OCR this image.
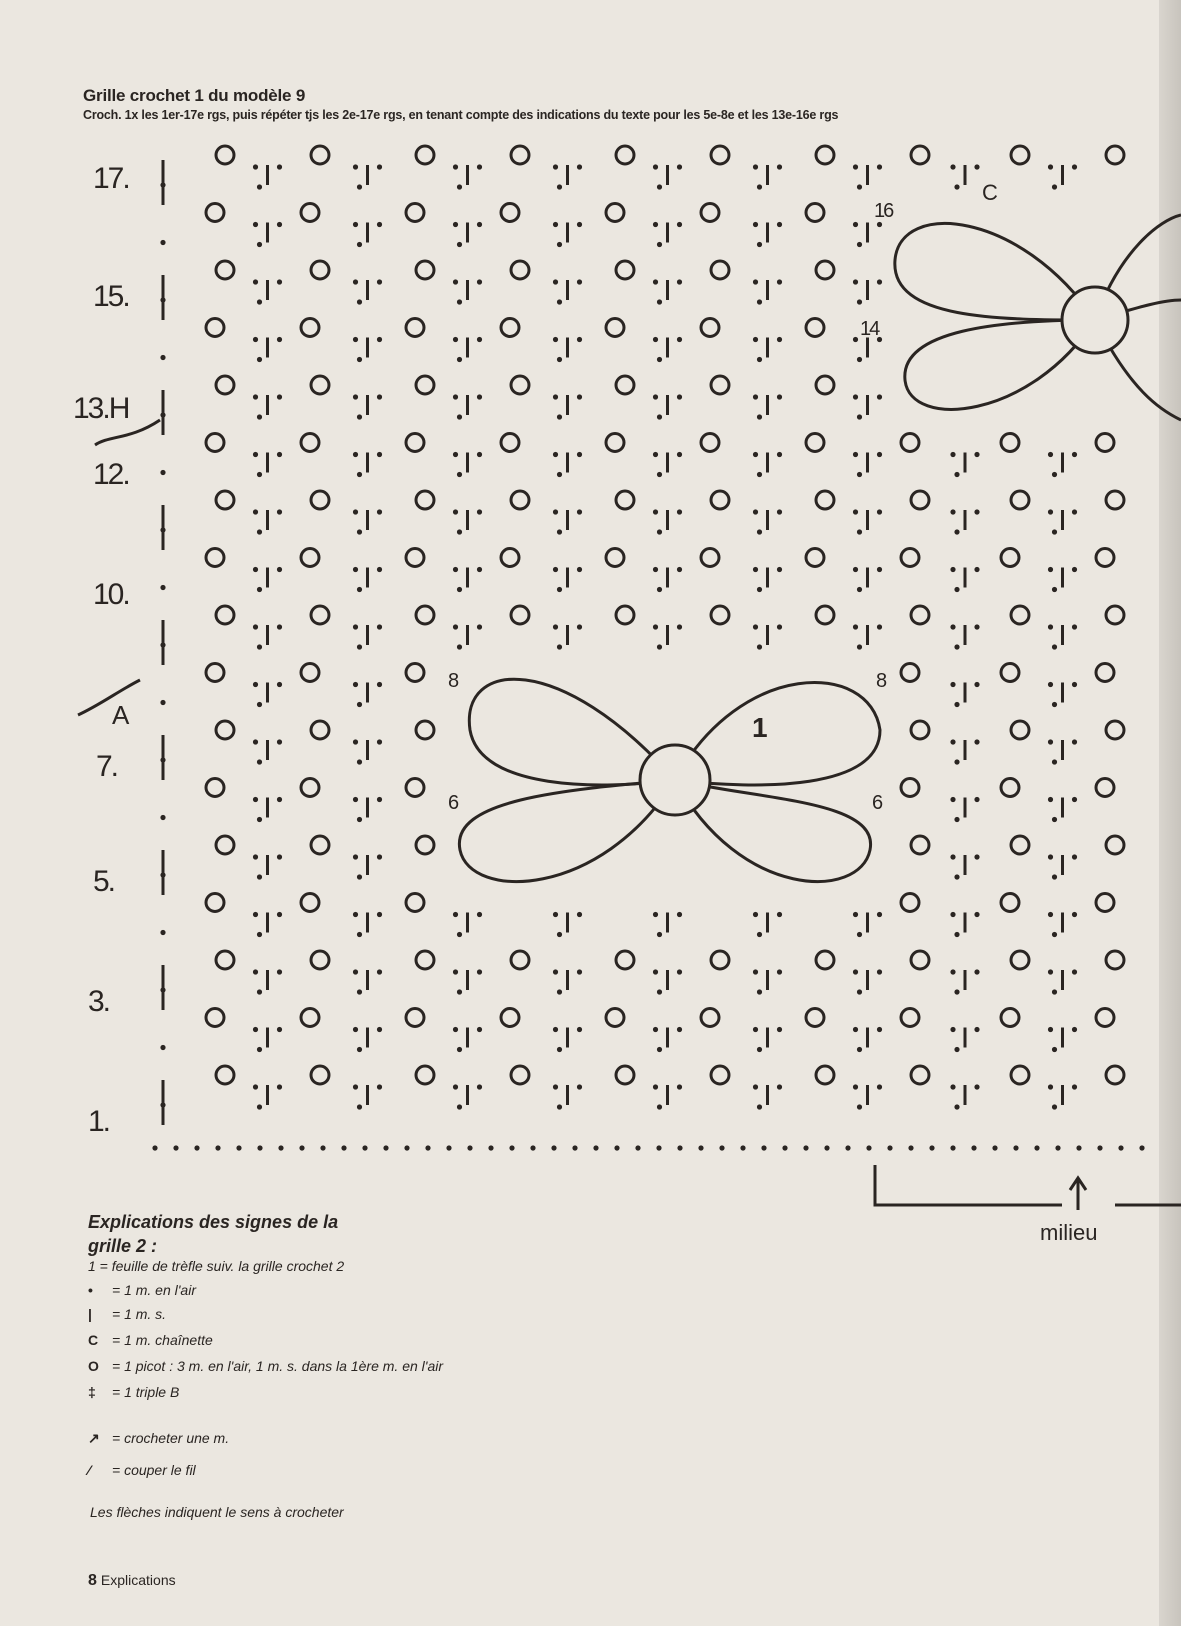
Grille crochet 1 du modèle 9
Croch. 1x les 1er-17e rgs, puis répéter tjs les 2e-17e rgs, en tenant compte des indications du texte pour les 5e-8e et les 13e-16e rgs
17.
15.
13.H
12.
10.
7.
5.
3.
1.
A	1
16
14
8	8
6	6
C
milieu
Explications des signes de la grille 2 :
1 = feuille de trèfle suiv. la grille crochet 2
• = 1 m. en l'air
| = 1 m. s.
C = 1 m. chaînette
O = 1 picot : 3 m. en l'air, 1 m. s. dans la 1ère m. en l'air
‡ = 1 triple B
↗ = crocheter une m.
⁄ = couper le fil
Les flèches indiquent le sens à crocheter
8 Explications
